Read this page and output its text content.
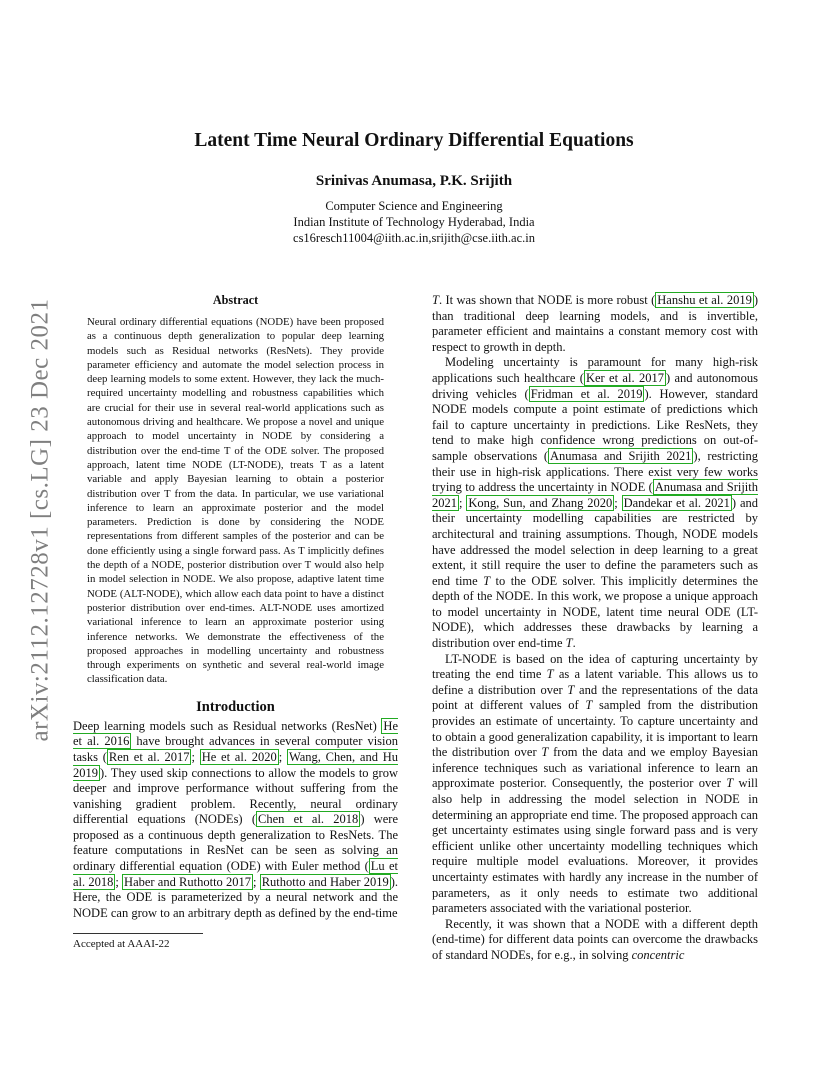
arXiv:2112.12728v1 [cs.LG] 23 Dec 2021
Latent Time Neural Ordinary Differential Equations
Srinivas Anumasa, P.K. Srijith
Computer Science and Engineering
Indian Institute of Technology Hyderabad, India
cs16resch11004@iith.ac.in,srijith@cse.iith.ac.in
Abstract
Neural ordinary differential equations (NODE) have been proposed as a continuous depth generalization to popular deep learning models such as Residual networks (ResNets). They provide parameter efficiency and automate the model selection process in deep learning models to some extent. However, they lack the much-required uncertainty modelling and robustness capabilities which are crucial for their use in several real-world applications such as autonomous driving and healthcare. We propose a novel and unique approach to model uncertainty in NODE by considering a distribution over the end-time T of the ODE solver. The proposed approach, latent time NODE (LT-NODE), treats T as a latent variable and apply Bayesian learning to obtain a posterior distribution over T from the data. In particular, we use variational inference to learn an approximate posterior and the model parameters. Prediction is done by considering the NODE representations from different samples of the posterior and can be done efficiently using a single forward pass. As T implicitly defines the depth of a NODE, posterior distribution over T would also help in model selection in NODE. We also propose, adaptive latent time NODE (ALT-NODE), which allow each data point to have a distinct posterior distribution over end-times. ALT-NODE uses amortized variational inference to learn an approximate posterior using inference networks. We demonstrate the effectiveness of the proposed approaches in modelling uncertainty and robustness through experiments on synthetic and several real-world image classification data.
Introduction
Deep learning models such as Residual networks (ResNet) He et al. 2016 have brought advances in several computer vision tasks ( Ren et al. 2017 ; He et al. 2020 ; Wang, Chen, and Hu 2019 ). They used skip connections to allow the models to grow deeper and improve performance without suffering from the vanishing gradient problem. Recently, neural ordinary differential equations (NODEs) ( Chen et al. 2018 ) were proposed as a continuous depth generalization to ResNets. The feature computations in ResNet can be seen as solving an ordinary differential equation (ODE) with Euler method ( Lu et al. 2018 ; Haber and Ruthotto 2017 ; Ruthotto and Haber 2019 ). Here, the ODE is parameterized by a neural network and the NODE can grow to an arbitrary depth as defined by the end-time
Accepted at AAAI-22

T. It was shown that NODE is more robust ( Hanshu et al. 2019 ) than traditional deep learning models, and is invertible, parameter efficient and maintains a constant memory cost with respect to growth in depth.

Modeling uncertainty is paramount for many high-risk applications such healthcare ( Ker et al. 2017 ) and autonomous driving vehicles ( Fridman et al. 2019 ). However, standard NODE models compute a point estimate of predictions which fail to capture uncertainty in predictions. Like ResNets, they tend to make high confidence wrong predictions on out-of-sample observations ( Anumasa and Srijith 2021 ), restricting their use in high-risk applications. There exist very few works trying to address the uncertainty in NODE ( Anumasa and Srijith 2021 ; Kong, Sun, and Zhang 2020 ; Dandekar et al. 2021 ) and their uncertainty modelling capabilities are restricted by architectural and training assumptions. Though, NODE models have addressed the model selection in deep learning to a great extent, it still require the user to define the parameters such as end time T to the ODE solver. This implicitly determines the depth of the NODE. In this work, we propose a unique approach to model uncertainty in NODE, latent time neural ODE (LT-NODE), which addresses these drawbacks by learning a distribution over end-time T.

LT-NODE is based on the idea of capturing uncertainty by treating the end time T as a latent variable. This allows us to define a distribution over T and the representations of the data point at different values of T sampled from the distribution provides an estimate of uncertainty. To capture uncertainty and to obtain a good generalization capability, it is important to learn the distribution over T from the data and we employ Bayesian inference techniques such as variational inference to learn an approximate posterior. Consequently, the posterior over T will also help in addressing the model selection in NODE in determining an appropriate end time. The proposed approach can get uncertainty estimates using single forward pass and is very efficient unlike other uncertainty modelling techniques which require multiple model evaluations. Moreover, it provides uncertainty estimates with hardly any increase in the number of parameters, as it only needs to estimate two additional parameters associated with the variational posterior.

Recently, it was shown that a NODE with a different depth (end-time) for different data points can overcome the drawbacks of standard NODEs, for e.g., in solving concentric
